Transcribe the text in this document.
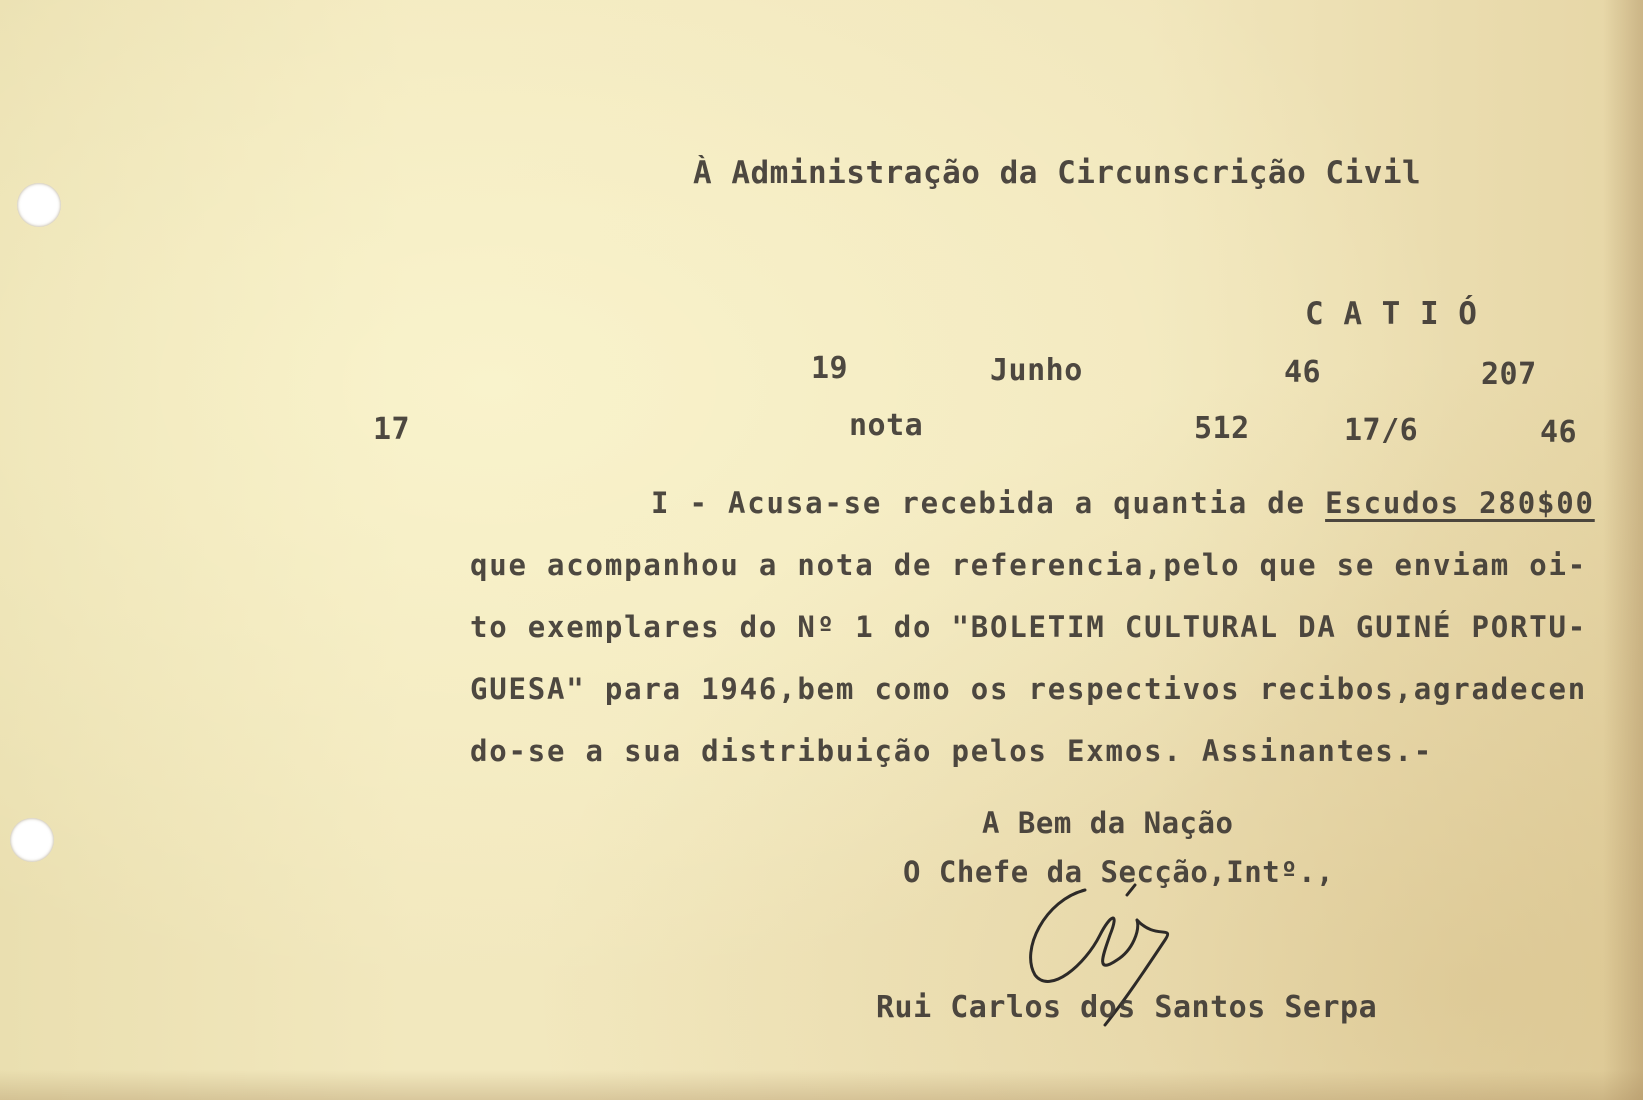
À Administração da Circunscrição Civil
C A T I Ó
19	Junho	46	207
17	nota	512	17/6	46
I - Acusa-se recebida a quantia de Escudos 280$00
que acompanhou a nota de referencia,pelo que se enviam oi-
to exemplares do Nº 1 do "BOLETIM CULTURAL DA GUINÉ PORTU-
GUESA" para 1946,bem como os respectivos recibos,agradecen
do-se a sua distribuição pelos Exmos. Assinantes.-
A Bem da Nação
O Chefe da Secção,Intº.,
Rui Carlos dos Santos Serpa
